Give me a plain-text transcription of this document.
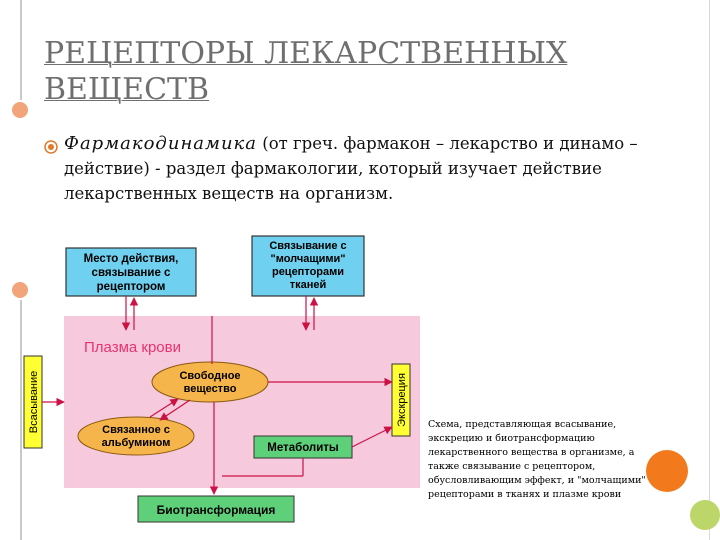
РЕЦЕПТОРЫ ЛЕКАРСТВЕННЫХ ВЕЩЕСТВ
Фармакодинамика (от греч. фармакон – лекарство и динамо – действие) - раздел фармакологии, который изучает действие лекарственных веществ на организм.
Плазма крови
Место действия,
связывание с
рецептором
Связывание с
"молчащими"
рецепторами
тканей
Свободное
вещество
Связанное с
альбумином	Метаболиты
Биотрансформация
Всасывание	Экскреция Схема, представляющая всасывание, экскрецию и биотрансформацию лекарственного вещества в организме, а также связывание с рецептором, обусловливающим эффект, и "молчащими" рецепторами в тканях и плазме крови
